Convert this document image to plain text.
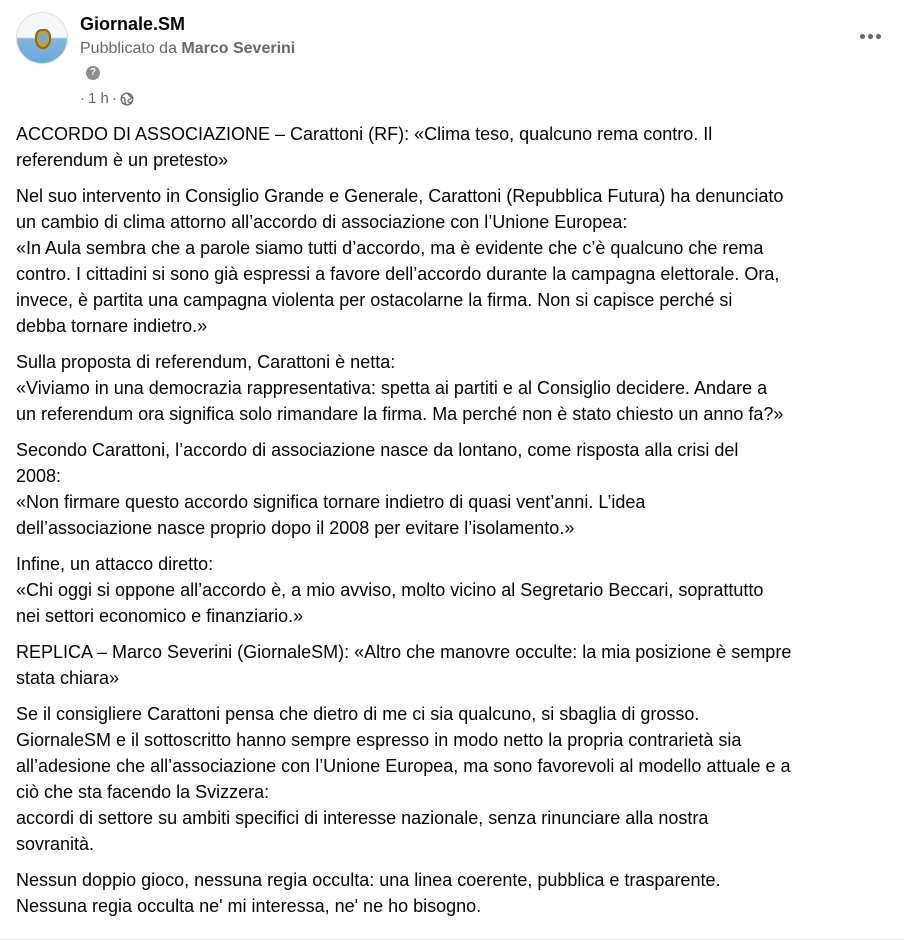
Giornale.SM
Pubblicato da Marco Severini
?
· 1 h ·

ACCORDO DI ASSOCIAZIONE – Carattoni (RF): «Clima teso, qualcuno rema contro. Il
referendum è un pretesto»

Nel suo intervento in Consiglio Grande e Generale, Carattoni (Repubblica Futura) ha denunciato
un cambio di clima attorno all’accordo di associazione con l’Unione Europea:
«In Aula sembra che a parole siamo tutti d’accordo, ma è evidente che c’è qualcuno che rema
contro. I cittadini si sono già espressi a favore dell’accordo durante la campagna elettorale. Ora,
invece, è partita una campagna violenta per ostacolarne la firma. Non si capisce perché si
debba tornare indietro.»

Sulla proposta di referendum, Carattoni è netta:
«Viviamo in una democrazia rappresentativa: spetta ai partiti e al Consiglio decidere. Andare a
un referendum ora significa solo rimandare la firma. Ma perché non è stato chiesto un anno fa?»

Secondo Carattoni, l’accordo di associazione nasce da lontano, come risposta alla crisi del
2008:
«Non firmare questo accordo significa tornare indietro di quasi vent’anni. L’idea
dell’associazione nasce proprio dopo il 2008 per evitare l’isolamento.»

Infine, un attacco diretto:
«Chi oggi si oppone all’accordo è, a mio avviso, molto vicino al Segretario Beccari, soprattutto
nei settori economico e finanziario.»

REPLICA – Marco Severini (GiornaleSM): «Altro che manovre occulte: la mia posizione è sempre
stata chiara»

Se il consigliere Carattoni pensa che dietro di me ci sia qualcuno, si sbaglia di grosso.
GiornaleSM e il sottoscritto hanno sempre espresso in modo netto la propria contrarietà sia
all’adesione che all’associazione con l’Unione Europea, ma sono favorevoli al modello attuale e a
ciò che sta facendo la Svizzera:
accordi di settore su ambiti specifici di interesse nazionale, senza rinunciare alla nostra
sovranità.

Nessun doppio gioco, nessuna regia occulta: una linea coerente, pubblica e trasparente.
Nessuna regia occulta ne' mi interessa, ne' ne ho bisogno.
